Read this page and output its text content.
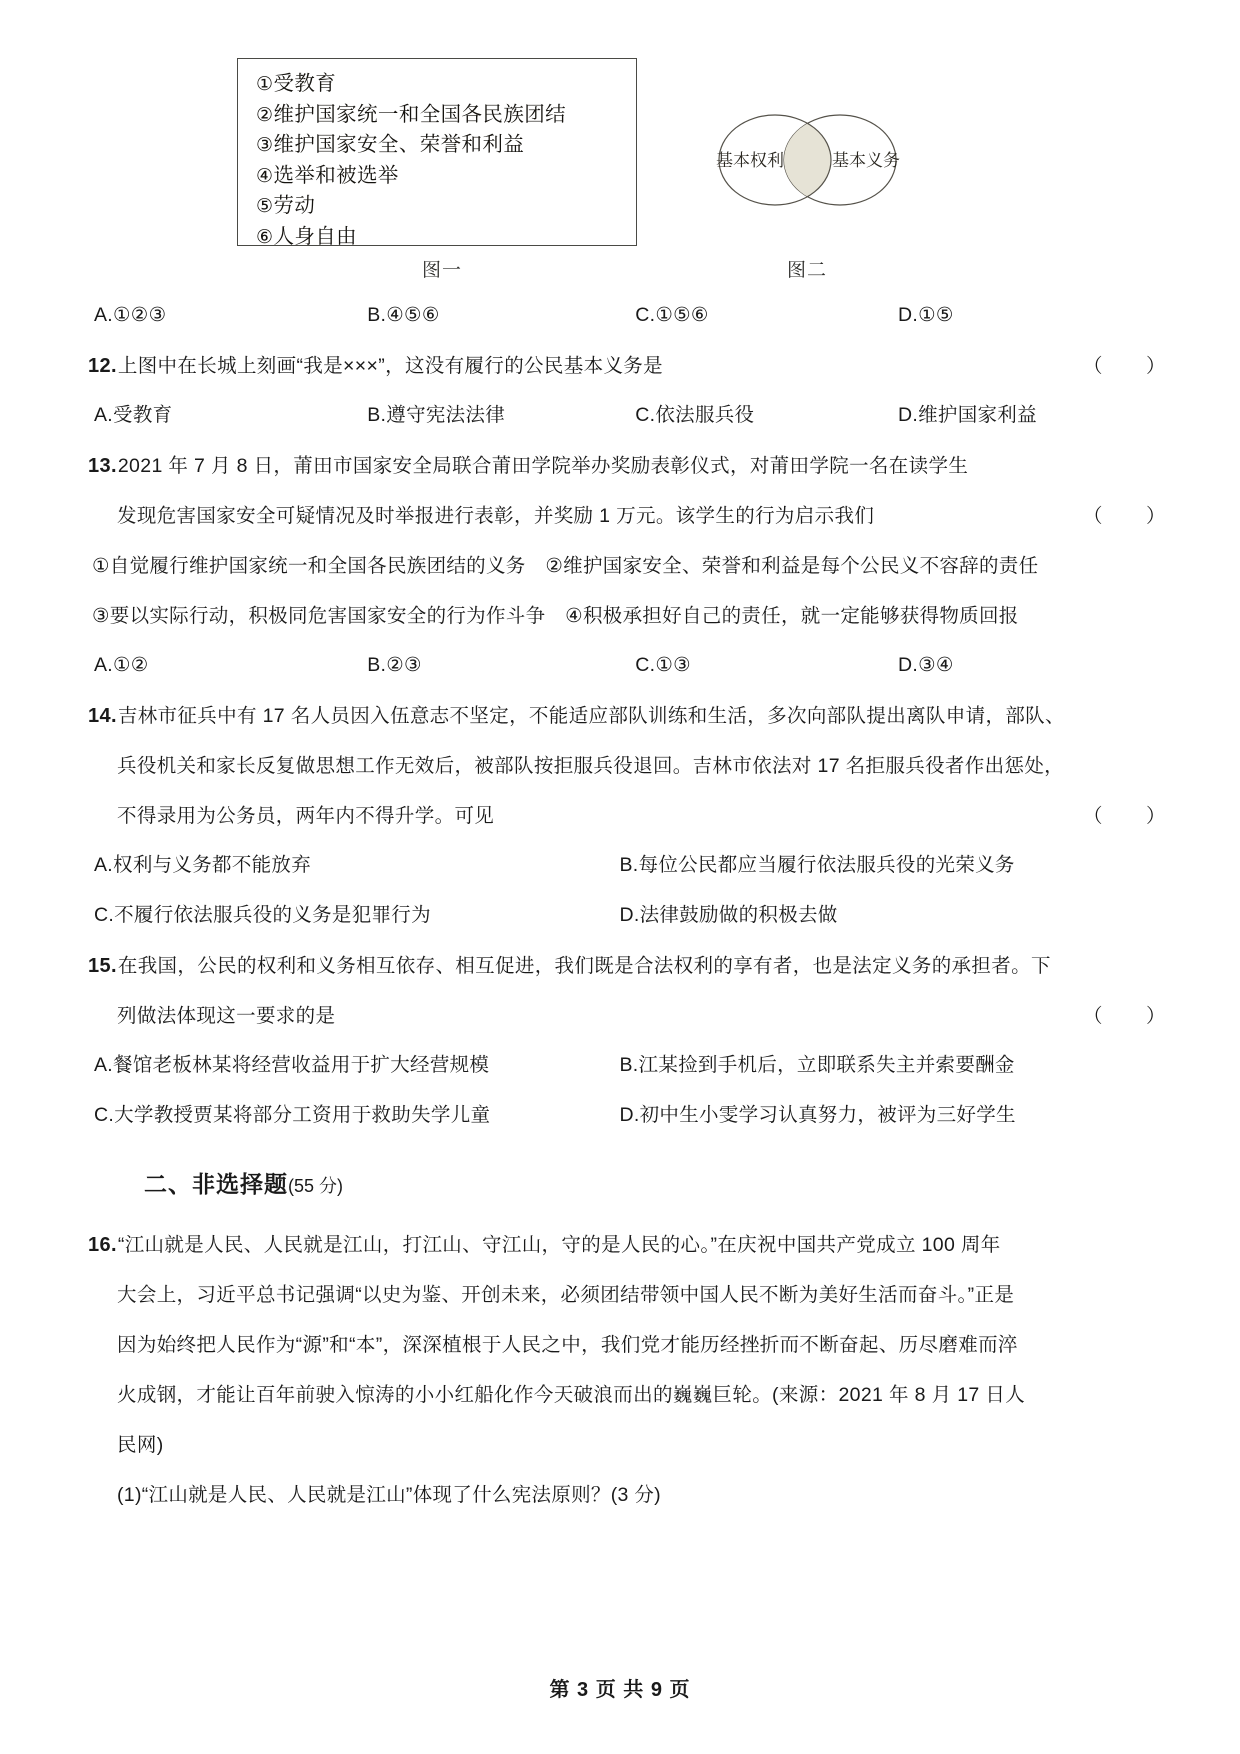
①受教育
②维护国家统一和全国各民族团结
③维护国家安全、荣誉和利益
④选举和被选举
⑤劳动
⑥人身自由
基本权利	基本义务
图一	图二
A.①②③	B.④⑤⑥	C.①⑤⑥	D.①⑤
12. 上图中在长城上刻画“我是×××”，这没有履行的公民基本义务是	（　）
A.受教育	B.遵守宪法法律	C.依法服兵役	D.维护国家利益
13. 2021 年 7 月 8 日，莆田市国家安全局联合莆田学院举办奖励表彰仪式，对莆田学院一名在读学生
发现危害国家安全可疑情况及时举报进行表彰，并奖励 1 万元。该学生的行为启示我们	（　）
①自觉履行维护国家统一和全国各民族团结的义务　②维护国家安全、荣誉和利益是每个公民义不容辞的责任
③要以实际行动，积极同危害国家安全的行为作斗争　④积极承担好自己的责任，就一定能够获得物质回报
A.①②	B.②③	C.①③	D.③④
14. 吉林市征兵中有 17 名人员因入伍意志不坚定，不能适应部队训练和生活，多次向部队提出离队申请，部队、
兵役机关和家长反复做思想工作无效后，被部队按拒服兵役退回。吉林市依法对 17 名拒服兵役者作出惩处，
不得录用为公务员，两年内不得升学。可见	（　）
A.权利与义务都不能放弃	B.每位公民都应当履行依法服兵役的光荣义务
C.不履行依法服兵役的义务是犯罪行为	D.法律鼓励做的积极去做
15. 在我国，公民的权利和义务相互依存、相互促进，我们既是合法权利的享有者，也是法定义务的承担者。下
列做法体现这一要求的是	（　）
A.餐馆老板林某将经营收益用于扩大经营规模	B.江某捡到手机后，立即联系失主并索要酬金
C.大学教授贾某将部分工资用于救助失学儿童	D.初中生小雯学习认真努力，被评为三好学生
二、非选择题(55 分)
16. “江山就是人民、人民就是江山，打江山、守江山，守的是人民的心。”在庆祝中国共产党成立 100 周年
大会上，习近平总书记强调“以史为鉴、开创未来，必须团结带领中国人民不断为美好生活而奋斗。”正是
因为始终把人民作为“源”和“本”，深深植根于人民之中，我们党才能历经挫折而不断奋起、历尽磨难而淬
火成钢，才能让百年前驶入惊涛的小小红船化作今天破浪而出的巍巍巨轮。(来源：2021 年 8 月 17 日人
民网)
(1)“江山就是人民、人民就是江山”体现了什么宪法原则？(3 分)
第 3 页 共 9 页
